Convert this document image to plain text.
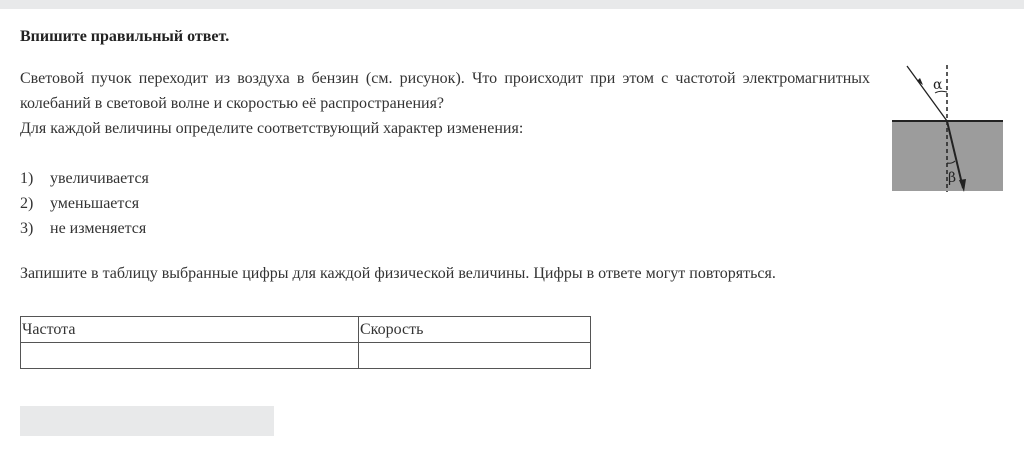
Впишите правильный ответ.
Световой пучок переходит из воздуха в бензин (см. рисунок). Что происходит при этом с частотой электромагнитных колебаний в световой волне и скоростью её распространения?
Для каждой величины определите соответствующий характер изменения:
1)	увеличивается
2)	уменьшается
3)	не изменяется
Запишите в таблицу выбранные цифры для каждой физической величины. Цифры в ответе могут повторяться.
Частота	Скорость

α
β
